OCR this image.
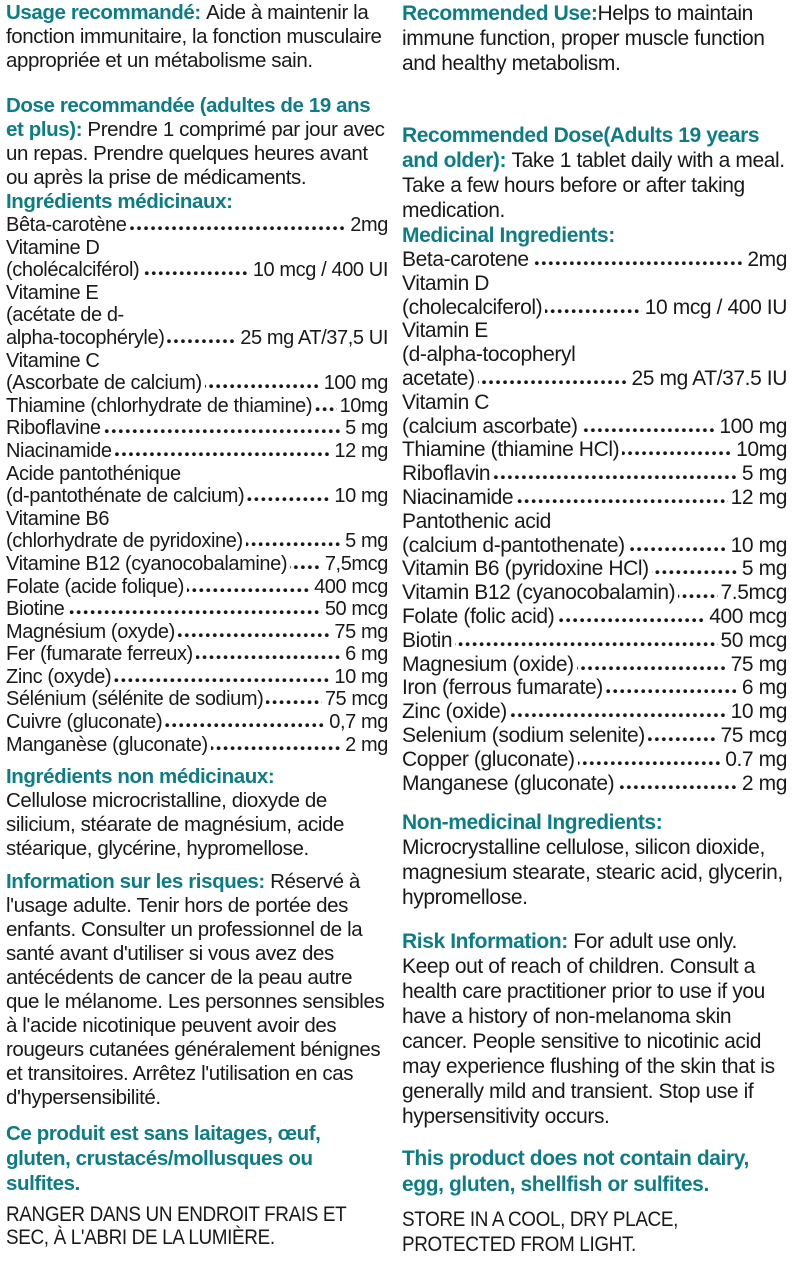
Usage recommandé: Aide à maintenir la fonction immunitaire, la fonction musculaire appropriée et un métabolisme sain.

Dose recommandée (adultes de 19 ans et plus): Prendre 1 comprimé par jour avec un repas. Prendre quelques heures avant ou après la prise de médicaments.

Ingrédients médicinaux:

Bêta-carotène	2mg
Vitamine D
(cholécalciférol)	10 mcg / 400 UI
Vitamine E
(acétate de d-
alpha-tocophéryle)	25 mg AT/37,5 UI
Vitamine C
(Ascorbate de calcium)	100 mg
Thiamine (chlorhydrate de thiamine) 10mg
Riboflavine	5 mg
Niacinamide	12 mg
Acide pantothénique
(d-pantothénate de calcium)	10 mg
Vitamine B6
(chlorhydrate de pyridoxine)	5 mg
Vitamine B12 (cyanocobalamine) 7,5mcg
Folate (acide folique)	400 mcg
Biotine	50 mcg
Magnésium (oxyde)	75 mg
Fer (fumarate ferreux)	6 mg
Zinc (oxyde)	10 mg
Sélénium (sélénite de sodium)	75 mcg
Cuivre (gluconate)	0,7 mg
Manganèse (gluconate)	2 mg

Ingrédients non médicinaux:

Cellulose microcristalline, dioxyde de silicium, stéarate de magnésium, acide stéarique, glycérine, hypromellose.

Information sur les risques: Réservé à l'usage adulte. Tenir hors de portée des enfants. Consulter un professionnel de la santé avant d'utiliser si vous avez des antécédents de cancer de la peau autre que le mélanome. Les personnes sensibles à l'acide nicotinique peuvent avoir des rougeurs cutanées généralement bénignes et transitoires. Arrêtez l'utilisation en cas d'hypersensibilité.

Ce produit est sans laitages, œuf, gluten, crustacés/mollusques ou sulfites.

RANGER DANS UN ENDROIT FRAIS ET SEC, À L'ABRI DE LA LUMIÈRE.

Recommended Use:Helps to maintain immune function, proper muscle function and healthy metabolism.

Recommended Dose(Adults 19 years and older): Take 1 tablet daily with a meal. Take a few hours before or after taking medication.

Medicinal Ingredients:

Beta-carotene	2mg
Vitamin D
(cholecalciferol)	10 mcg / 400 IU
Vitamin E
(d-alpha-tocopheryl
acetate)	25 mg AT/37.5 IU
Vitamin C
(calcium ascorbate)	100 mg
Thiamine (thiamine HCl)	10mg
Riboflavin	5 mg
Niacinamide	12 mg
Pantothenic acid
(calcium d-pantothenate)	10 mg
Vitamin B6 (pyridoxine HCl)	5 mg
Vitamin B12 (cyanocobalamin) 7.5mcg
Folate (folic acid)	400 mcg
Biotin	50 mcg
Magnesium (oxide)	75 mg
Iron (ferrous fumarate)	6 mg
Zinc (oxide)	10 mg
Selenium (sodium selenite)	75 mcg
Copper (gluconate)	0.7 mg
Manganese (gluconate)	2 mg

Non-medicinal Ingredients:

Microcrystalline cellulose, silicon dioxide, magnesium stearate, stearic acid, glycerin, hypromellose.

Risk Information: For adult use only. Keep out of reach of children. Consult a health care practitioner prior to use if you have a history of non-melanoma skin cancer. People sensitive to nicotinic acid may experience flushing of the skin that is generally mild and transient. Stop use if hypersensitivity occurs.

This product does not contain dairy, egg, gluten, shellfish or sulfites.

STORE IN A COOL, DRY PLACE, PROTECTED FROM LIGHT.
